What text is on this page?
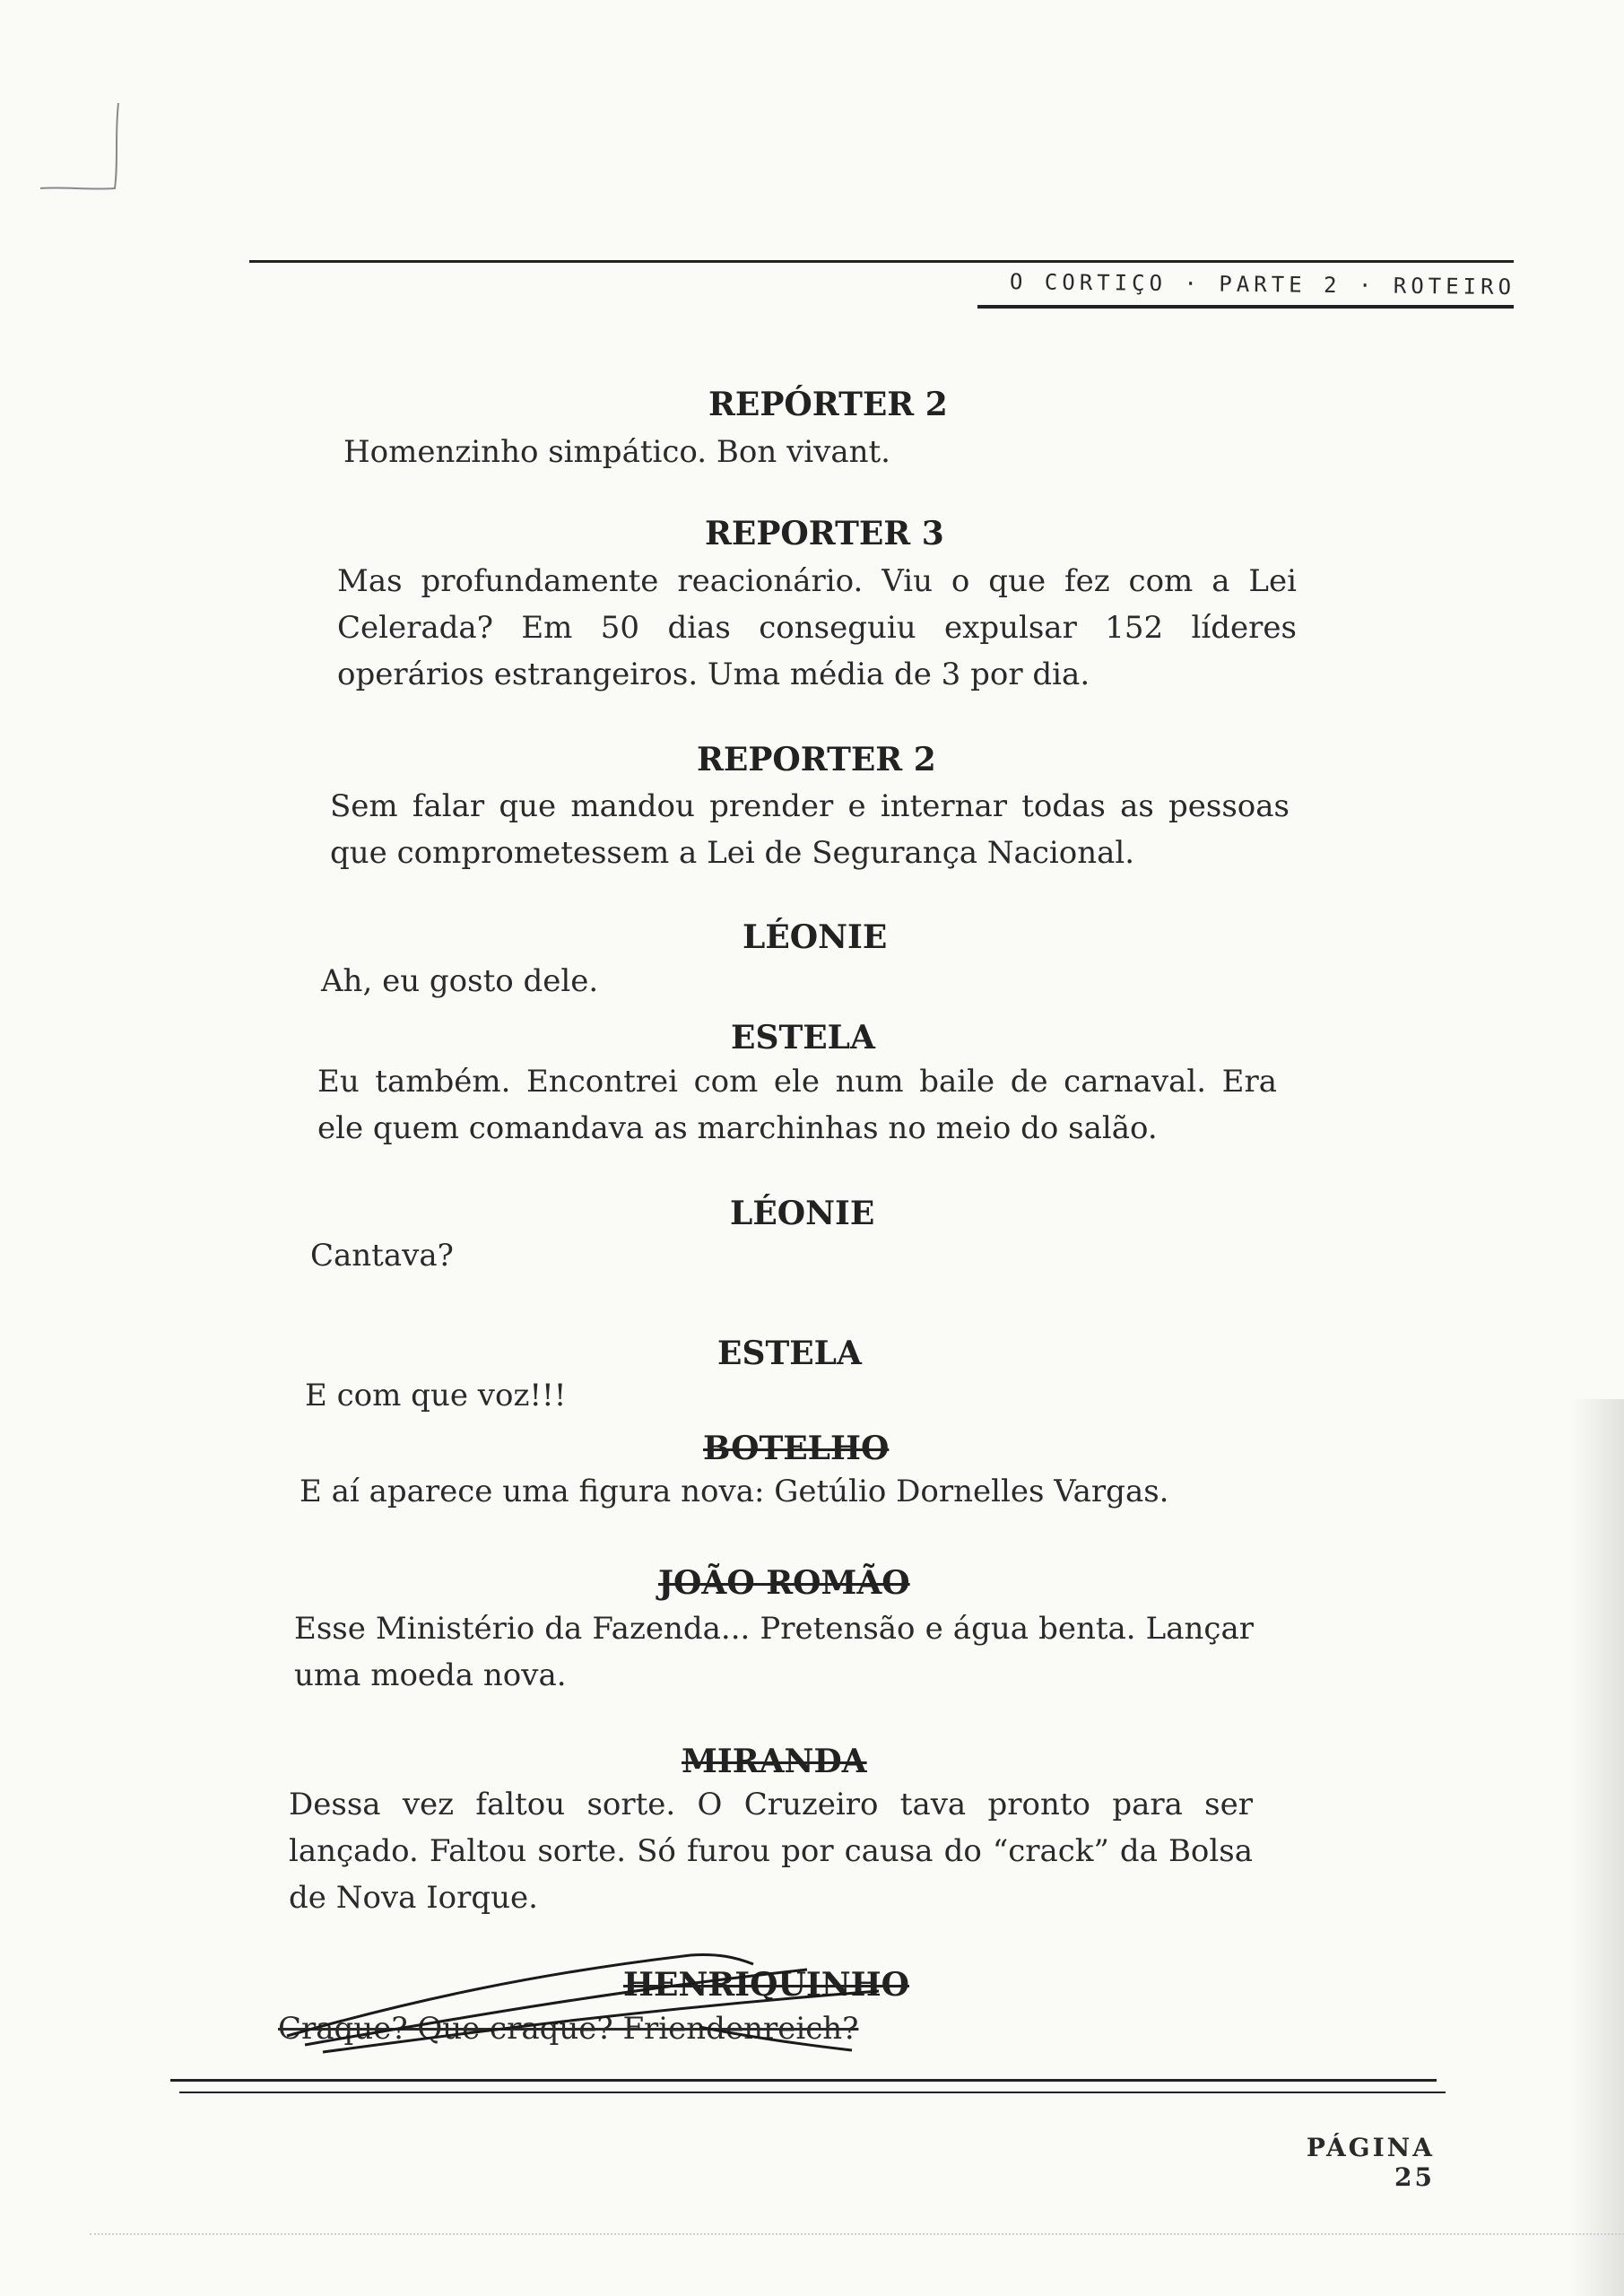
O CORTIÇO · PARTE 2 · ROTEIRO
REPÓRTER 2
Homenzinho simpático. Bon vivant.
REPORTER 3
Mas profundamente reacionário. Viu o que fez com a Lei Celerada? Em 50 dias conseguiu expulsar 152 líderes operários estrangeiros. Uma média de 3 por dia.
REPORTER 2
Sem falar que mandou prender e internar todas as pessoas que comprometessem a Lei de Segurança Nacional.
LÉONIE
Ah, eu gosto dele.
ESTELA
Eu também. Encontrei com ele num baile de carnaval. Era ele quem comandava as marchinhas no meio do salão.
LÉONIE
Cantava?
ESTELA
E com que voz!!!
BOTELHO
E aí aparece uma figura nova: Getúlio Dornelles Vargas.
JOÃO ROMÃO
Esse Ministério da Fazenda... Pretensão e água benta. Lançar uma moeda nova.
MIRANDA
Dessa vez faltou sorte. O Cruzeiro tava pronto para ser lançado. Faltou sorte. Só furou por causa do “crack” da Bolsa de Nova Iorque.
HENRIQUINHO
Craque? Que craque? Friendenreich?
PÁGINA 25
